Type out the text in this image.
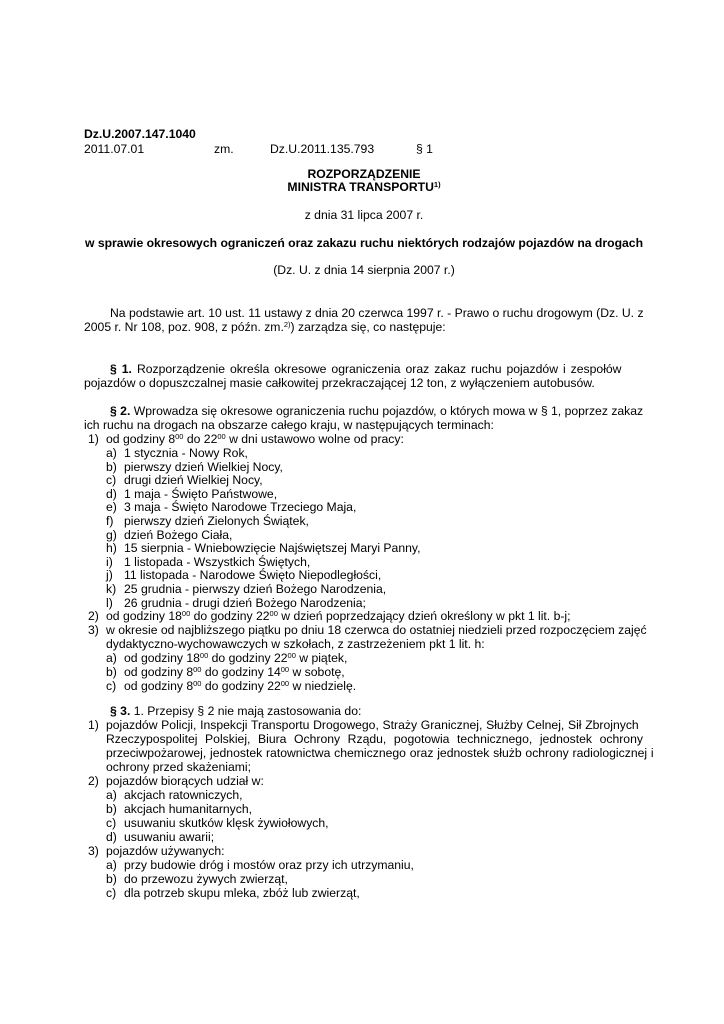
Dz.U.2007.147.1040
2011.07.01	zm.	Dz.U.2011.135.793	§ 1
ROZPORZĄDZENIE
MINISTRA TRANSPORTU$^{1)}$
z dnia 31 lipca 2007 r.
w sprawie okresowych ograniczeń oraz zakazu ruchu niektórych rodzajów pojazdów na drogach
(Dz. U. z dnia 14 sierpnia 2007 r.)
Na podstawie art. 10 ust. 11 ustawy z dnia 20 czerwca 1997 r. - Prawo o ruchu drogowym (Dz. U. z
2005 r. Nr 108, poz. 908, z późn. zm.$^{2)}$) zarządza się, co następuje:
§ 1. Rozporządzenie określa okresowe ograniczenia oraz zakaz ruchu pojazdów i zespołów
pojazdów o dopuszczalnej masie całkowitej przekraczającej 12 ton, z wyłączeniem autobusów.
§ 2. Wprowadza się okresowe ograniczenia ruchu pojazdów, o których mowa w § 1, poprzez zakaz
ich ruchu na drogach na obszarze całego kraju, w następujących terminach:
1) od godziny $8^{00}$ do $22^{00}$ w dni ustawowo wolne od pracy:
a) 1 stycznia - Nowy Rok,
b) pierwszy dzień Wielkiej Nocy,
c) drugi dzień Wielkiej Nocy,
d) 1 maja - Święto Państwowe,
e) 3 maja - Święto Narodowe Trzeciego Maja,
f) pierwszy dzień Zielonych Świątek,
g) dzień Bożego Ciała,
h) 15 sierpnia - Wniebowzięcie Najświętszej Maryi Panny,
i) 1 listopada - Wszystkich Świętych,
j) 11 listopada - Narodowe Święto Niepodległości,
k) 25 grudnia - pierwszy dzień Bożego Narodzenia,
l) 26 grudnia - drugi dzień Bożego Narodzenia;
2) od godziny $18^{00}$ do godziny $22^{00}$ w dzień poprzedzający dzień określony w pkt 1 lit. b-j;
3) w okresie od najbliższego piątku po dniu 18 czerwca do ostatniej niedzieli przed rozpoczęciem zajęć
dydaktyczno-wychowawczych w szkołach, z zastrzeżeniem pkt 1 lit. h:
a) od godziny $18^{00}$ do godziny $22^{00}$ w piątek,
b) od godziny $8^{00}$ do godziny $14^{00}$ w sobotę,
c) od godziny $8^{00}$ do godziny $22^{00}$ w niedzielę.
§ 3. 1. Przepisy § 2 nie mają zastosowania do:
1) pojazdów Policji, Inspekcji Transportu Drogowego, Straży Granicznej, Służby Celnej, Sił Zbrojnych
Rzeczypospolitej Polskiej, Biura Ochrony Rządu, pogotowia technicznego, jednostek ochrony
przeciwpożarowej, jednostek ratownictwa chemicznego oraz jednostek służb ochrony radiologicznej i
ochrony przed skażeniami;
2) pojazdów biorących udział w:
a) akcjach ratowniczych,
b) akcjach humanitarnych,
c) usuwaniu skutków klęsk żywiołowych,
d) usuwaniu awarii;
3) pojazdów używanych:
a) przy budowie dróg i mostów oraz przy ich utrzymaniu,
b) do przewozu żywych zwierząt,
c) dla potrzeb skupu mleka, zbóż lub zwierząt,
